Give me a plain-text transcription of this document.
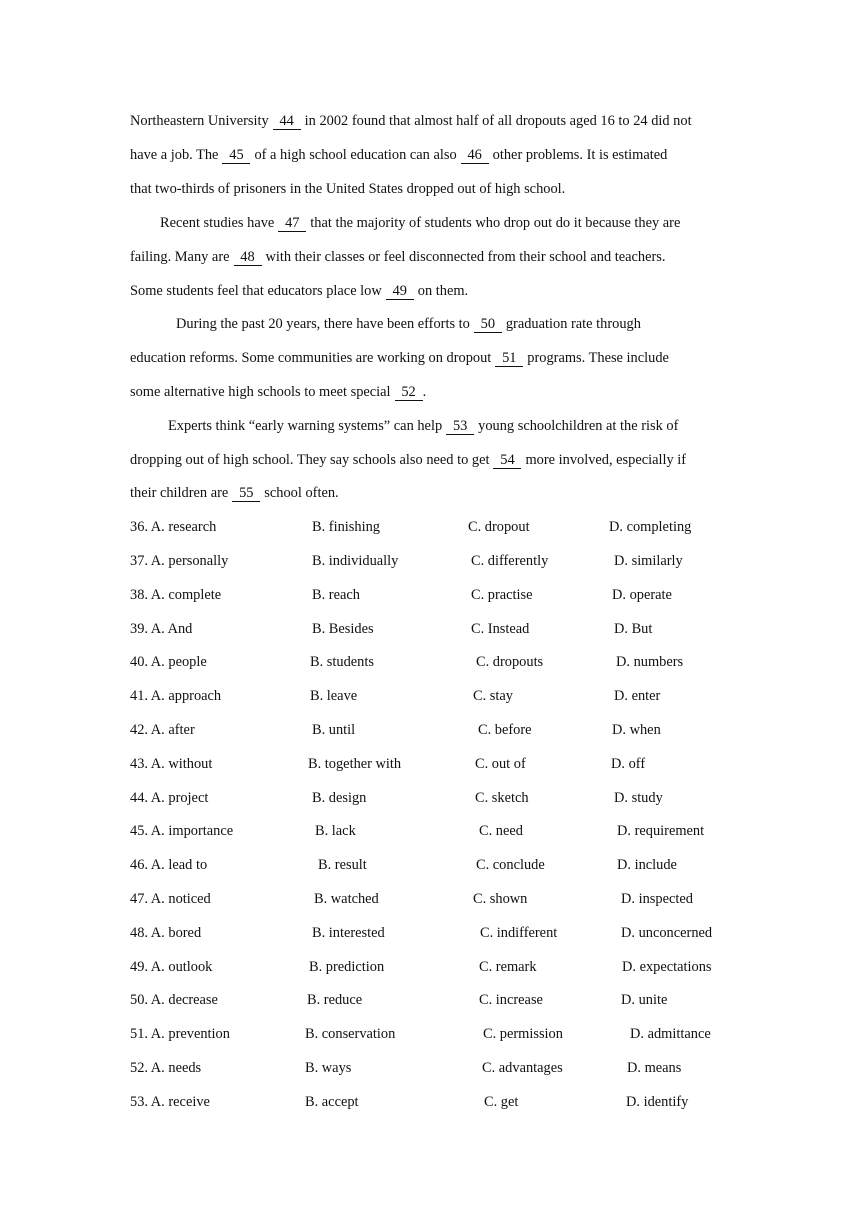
Northeastern University 44 in 2002 found that almost half of all dropouts aged 16 to 24 did not
have a job. The 45 of a high school education can also 46 other problems. It is estimated
that two-thirds of prisoners in the United States dropped out of high school.
Recent studies have 47 that the majority of students who drop out do it because they are
failing. Many are 48 with their classes or feel disconnected from their school and teachers.
Some students feel that educators place low 49 on them.
During the past 20 years, there have been efforts to 50 graduation rate through
education reforms. Some communities are working on dropout 51 programs. These include
some alternative high schools to meet special 52 .
Experts think “early warning systems” can help 53 young schoolchildren at the risk of
dropping out of high school. They say schools also need to get 54 more involved, especially if
their children are 55 school often.
36. A. research	B. finishing	C. dropout	D. completing
37. A. personally	B. individually	C. differently	D. similarly
38. A. complete	B. reach	C. practise	D. operate
39. A. And	B. Besides	C. Instead	D. But
40. A. people	B. students	C. dropouts	D. numbers
41. A. approach	B. leave	C. stay	D. enter
42. A. after	B. until	C. before	D. when
43. A. without	B. together with	C. out of	D. off
44. A. project	B. design	C. sketch	D. study
45. A. importance	B. lack	C. need	D. requirement
46. A. lead to	B. result	C. conclude	D. include
47. A. noticed	B. watched	C. shown	D. inspected
48. A. bored	B. interested	C. indifferent	D. unconcerned
49. A. outlook	B. prediction	C. remark	D. expectations
50. A. decrease	B. reduce	C. increase	D. unite
51. A. prevention	B. conservation	C. permission	D. admittance
52. A. needs	B. ways	C. advantages	D. means
53. A. receive	B. accept	C. get	D. identify
